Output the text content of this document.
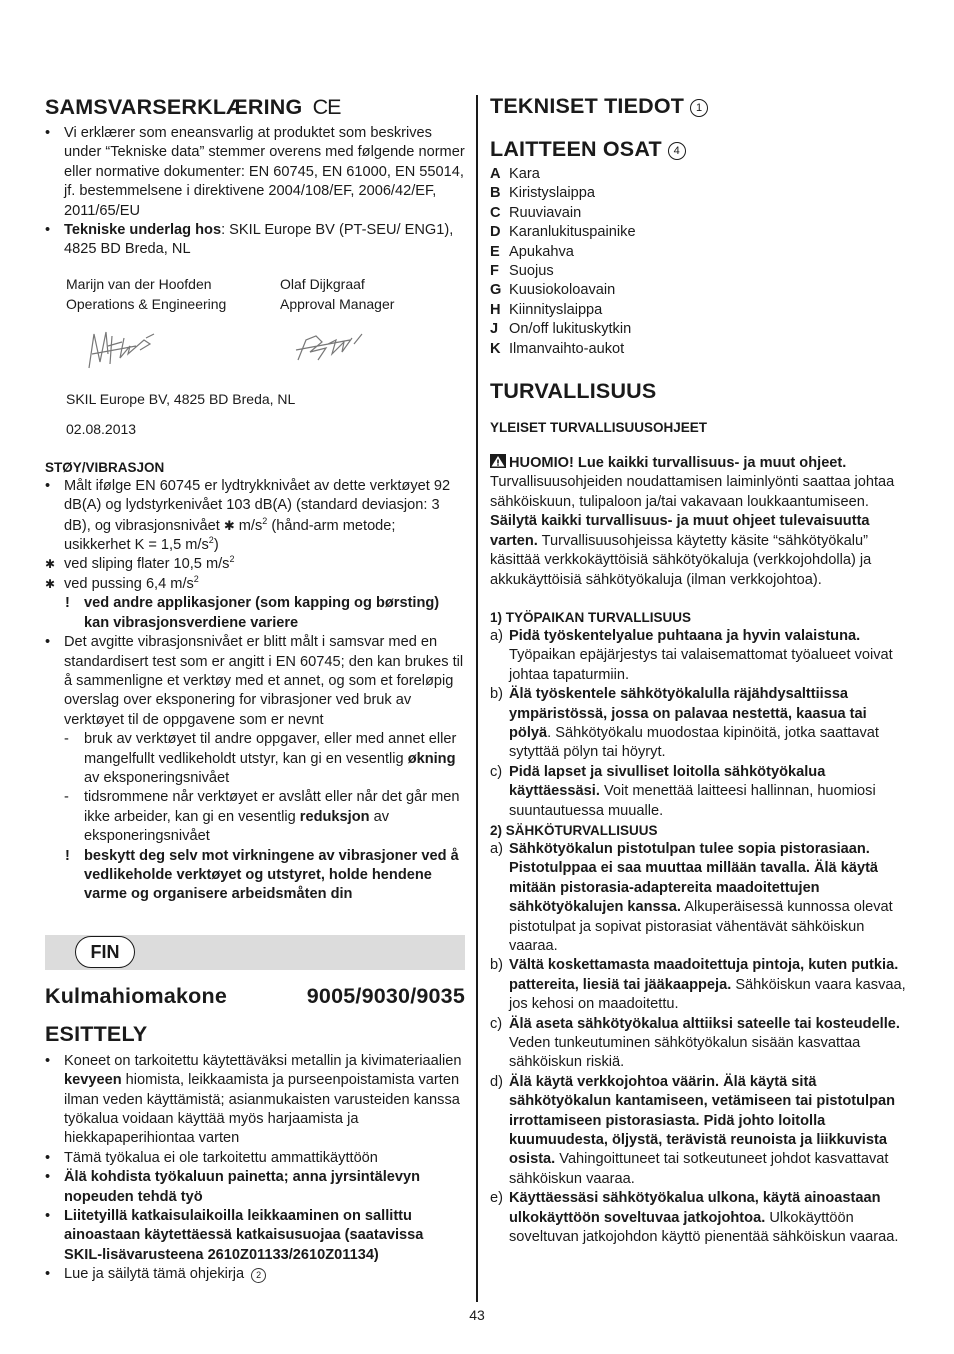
SAMSVARSERKLÆRING CE
• Vi erklærer som eneansvarlig at produktet som beskrives under “Tekniske data” stemmer overens med følgende normer eller normative dokumenter: EN 60745, EN 61000, EN 55014, jf. bestemmelsene i direktivene 2004/108/EF, 2006/42/EF, 2011/65/EU
• Tekniske underlag hos: SKIL Europe BV (PT-SEU/ ENG1), 4825 BD Breda, NL
Marijn van der Hoofden
Operations & Engineering
Olaf Dijkgraaf
Approval Manager
SKIL Europe BV, 4825 BD Breda, NL
02.08.2013
STØY/VIBRASJON
• Målt ifølge EN 60745 er lydtrykknivået av dette verktøyet 92 dB(A) og lydstyrkenivået 103 dB(A) (standard deviasjon: 3 dB), og vibrasjonsnivået ✱ $m/s^2$ (hånd-arm metode; usikkerhet K = 1,5 $m/s^2$)
✱ ved sliping flater 10,5 $m/s^2$
✱ ved pussing 6,4 $m/s^2$
! ved andre applikasjoner (som kapping og børsting) kan vibrasjonsverdiene variere
• Det avgitte vibrasjonsnivået er blitt målt i samsvar med en standardisert test som er angitt i EN 60745; den kan brukes til å sammenligne et verktøy med et annet, og som et foreløpig overslag over eksponering for vibrasjoner ved bruk av verktøyet til de oppgavene som er nevnt
- bruk av verktøyet til andre oppgaver, eller med annet eller mangelfullt vedlikeholdt utstyr, kan gi en vesentlig økning av eksponeringsnivået
- tidsrommene når verktøyet er avslått eller når det går men ikke arbeider, kan gi en vesentlig reduksjon av eksponeringsnivået
! beskytt deg selv mot virkningene av vibrasjoner ved å vedlikeholde verktøyet og utstyret, holde hendene varme og organisere arbeidsmåten din
FIN
Kulmahiomakone	9005/9030/9035
ESITTELY
• Koneet on tarkoitettu käytettäväksi metallin ja kivimateriaalien kevyeen hiomista, leikkaamista ja purseenpoistamista varten ilman veden käyttämistä; asianmukaisten varusteiden kanssa työkalua voidaan käyttää myös harjaamista ja hiekkapaperihiontaa varten
• Tämä työkalua ei ole tarkoitettu ammattikäyttöön
• Älä kohdista työkaluun painetta; anna jyrsintälevyn nopeuden tehdä työ
• Liitetyillä katkaisulaikoilla leikkaaminen on sallittu ainoastaan käytettäessä katkaisusuojaa (saatavissa SKIL-lisävarusteena 2610Z01133/2610Z01134)
• Lue ja säilytä tämä ohjekirja 2
TEKNISET TIEDOT 1
LAITTEEN OSAT 4
A Kara
B Kiristyslaippa
C Ruuviavain
D Karanlukituspainike
E Apukahva
F Suojus
G Kuusiokoloavain
H Kiinnityslaippa
J On/off lukituskytkin
K Ilmanvaihto-aukot
TURVALLISUUS
YLEISET TURVALLISUUSOHJEET

HUOMIO! Lue kaikki turvallisuus- ja muut ohjeet. Turvallisuusohjeiden noudattamisen laiminlyönti saattaa johtaa sähköiskuun, tulipaloon ja/tai vakavaan loukkaantumiseen. Säilytä kaikki turvallisuus- ja muut ohjeet tulevaisuutta varten. Turvallisuusohjeissa käytetty käsite “sähkötyökalu” käsittää verkkokäyttöisiä sähkötyökaluja (verkkojohdolla) ja akkukäyttöisiä sähkötyökaluja (ilman verkkojohtoa).

1) TYÖPAIKAN TURVALLISUUS
a) Pidä työskentelyalue puhtaana ja hyvin valaistuna.
Työpaikan epäjärjestys tai valaisemattomat työalueet voivat johtaa tapaturmiin.
b) Älä työskentele sähkötyökalulla räjähdysalttiissa ympäristössä, jossa on palavaa nestettä, kaasua tai pölyä. Sähkötyökalu muodostaa kipinöitä, jotka saattavat sytyttää pölyn tai höyryt.
c) Pidä lapset ja sivulliset loitolla sähkötyökalua käyttäessäsi. Voit menettää laitteesi hallinnan, huomiosi suuntautuessa muualle.
2) SÄHKÖTURVALLISUUS
a) Sähkötyökalun pistotulpan tulee sopia pistorasiaan. Pistotulppaa ei saa muuttaa millään tavalla. Älä käytä mitään pistorasia-adaptereita maadoitettujen sähkötyökalujen kanssa. Alkuperäisessä kunnossa olevat pistotulpat ja sopivat pistorasiat vähentävät sähköiskun vaaraa.
b) Vältä koskettamasta maadoitettuja pintoja, kuten putkia. pattereita, liesiä tai jääkaappeja. Sähköiskun vaara kasvaa, jos kehosi on maadoitettu.
c) Älä aseta sähkötyökalua alttiiksi sateelle tai kosteudelle. Veden tunkeutuminen sähkötyökalun sisään kasvattaa sähköiskun riskiä.
d) Älä käytä verkkojohtoa väärin. Älä käytä sitä sähkötyökalun kantamiseen, vetämiseen tai pistotulpan irrottamiseen pistorasiasta. Pidä johto loitolla kuumuudesta, öljystä, terävistä reunoista ja liikkuvista osista. Vahingoittuneet tai sotkeutuneet johdot kasvattavat sähköiskun vaaraa.
e) Käyttäessäsi sähkötyökalua ulkona, käytä ainoastaan ulkokäyttöön soveltuvaa jatkojohtoa. Ulkokäyttöön soveltuvan jatkojohdon käyttö pienentää sähköiskun vaaraa.
43
